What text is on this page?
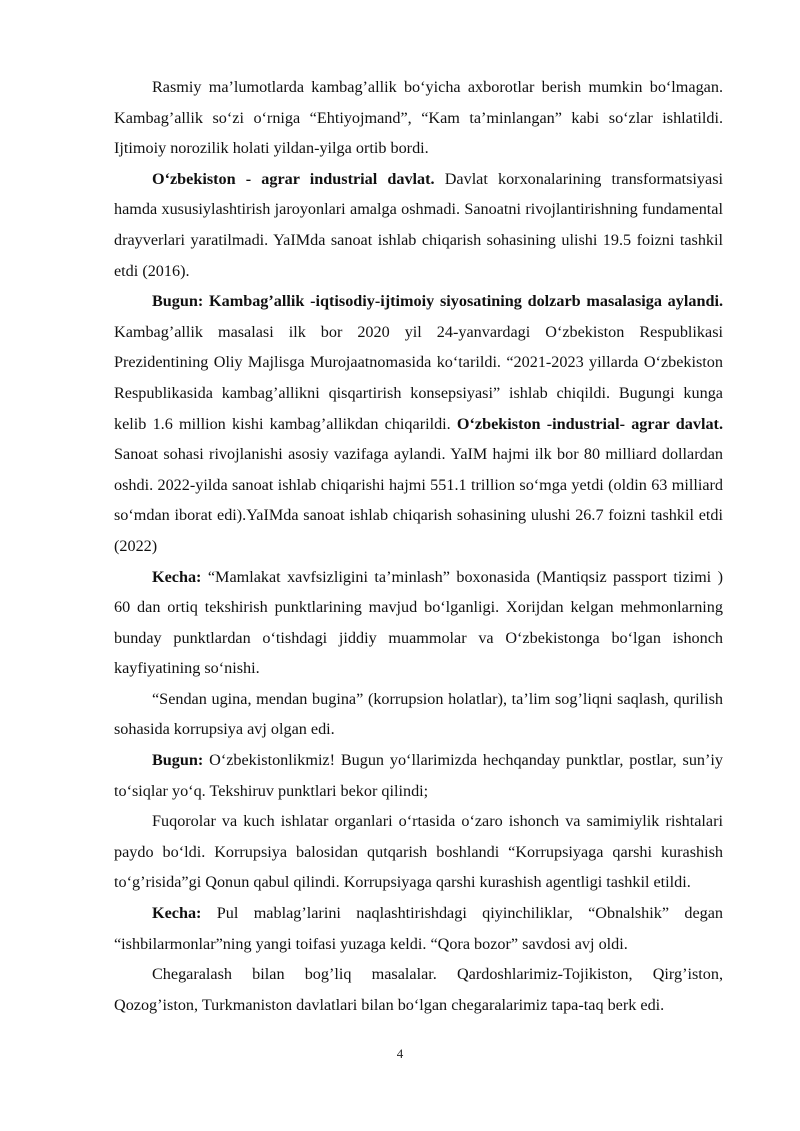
Rasmiy ma’lumotlarda kambag’allik bo‘yicha axborotlar berish mumkin bo‘lmagan. Kambag’allik so‘zi o‘rniga “Ehtiyojmand”, “Kam ta’minlangan” kabi so‘zlar ishlatildi. Ijtimoiy norozilik holati yildan-yilga ortib bordi.

O‘zbekiston - agrar industrial davlat. Davlat korxonalarining transformatsiyasi hamda xususiylashtirish jaroyonlari amalga oshmadi. Sanoatni rivojlantirishning fundamental drayverlari yaratilmadi. YaIMda sanoat ishlab chiqarish sohasining ulishi 19.5 foizni tashkil etdi (2016).

Bugun: Kambag’allik -iqtisodiy-ijtimoiy siyosatining dolzarb masalasiga aylandi. Kambag’allik masalasi ilk bor 2020 yil 24-yanvardagi O‘zbekiston Respublikasi Prezidentining Oliy Majlisga Murojaatnomasida ko‘tarildi. “2021-2023 yillarda O‘zbekiston Respublikasida kambag’allikni qisqartirish konsepsiyasi” ishlab chiqildi. Bugungi kunga kelib 1.6 million kishi kambag’allikdan chiqarildi. O‘zbekiston -industrial- agrar davlat. Sanoat sohasi rivojlanishi asosiy vazifaga aylandi. YaIM hajmi ilk bor 80 milliard dollardan oshdi. 2022-yilda sanoat ishlab chiqarishi hajmi 551.1 trillion so‘mga yetdi (oldin 63 milliard so‘mdan iborat edi).YaIMda sanoat ishlab chiqarish sohasining ulushi 26.7 foizni tashkil etdi (2022)

Kecha: “Mamlakat xavfsizligini ta’minlash” boxonasida (Mantiqsiz passport tizimi ) 60 dan ortiq tekshirish punktlarining mavjud bo‘lganligi. Xorijdan kelgan mehmonlarning bunday punktlardan o‘tishdagi jiddiy muammolar va O‘zbekistonga bo‘lgan ishonch kayfiyatining so‘nishi.

“Sendan ugina, mendan bugina” (korrupsion holatlar), ta’lim sog’liqni saqlash, qurilish sohasida korrupsiya avj olgan edi.

Bugun: O‘zbekistonlikmiz! Bugun yo‘llarimizda hechqanday punktlar, postlar, sun’iy to‘siqlar yo‘q. Tekshiruv punktlari bekor qilindi;

Fuqorolar va kuch ishlatar organlari o‘rtasida o‘zaro ishonch va samimiylik rishtalari paydo bo‘ldi. Korrupsiya balosidan qutqarish boshlandi “Korrupsiyaga qarshi kurashish to‘g’risida”gi Qonun qabul qilindi. Korrupsiyaga qarshi kurashish agentligi tashkil etildi.

Kecha: Pul mablag’larini naqlashtirishdagi qiyinchiliklar, “Obnalshik” degan “ishbilarmonlar”ning yangi toifasi yuzaga keldi. “Qora bozor” savdosi avj oldi.

Chegaralash bilan bog’liq masalalar. Qardoshlarimiz-Tojikiston, Qirg’iston, Qozog’iston, Turkmaniston davlatlari bilan bo‘lgan chegaralarimiz tapa-taq berk edi.

4
